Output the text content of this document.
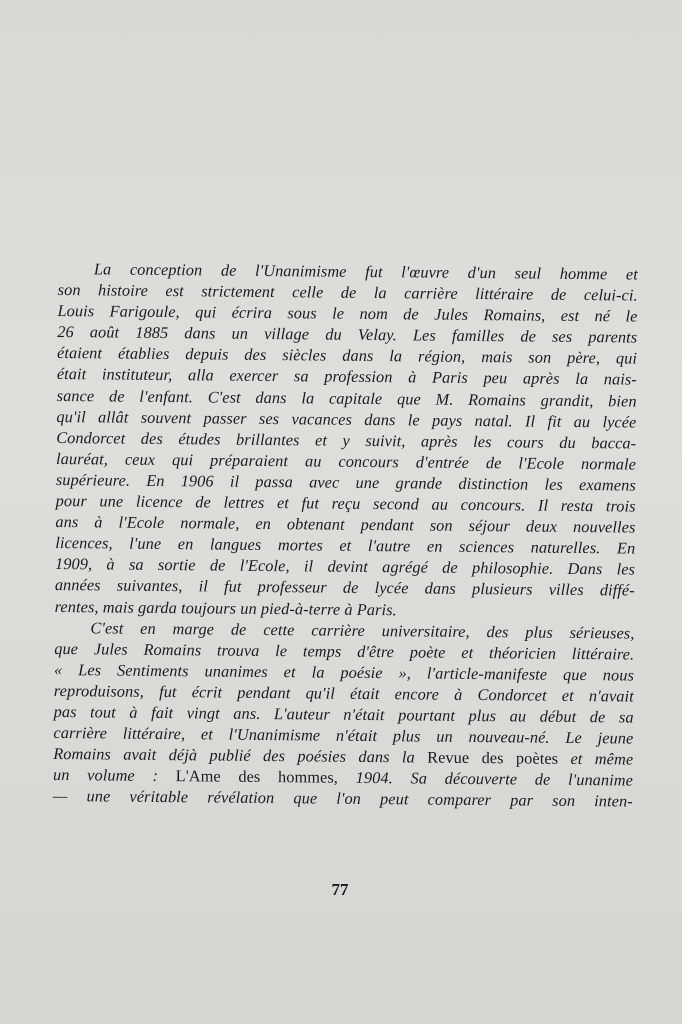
La conception de l'Unanimisme fut l'œuvre d'un seul homme et
son histoire est strictement celle de la carrière littéraire de celui-ci.
Louis Farigoule, qui écrira sous le nom de Jules Romains, est né le
26 août 1885 dans un village du Velay. Les familles de ses parents
étaient établies depuis des siècles dans la région, mais son père, qui
était instituteur, alla exercer sa profession à Paris peu après la nais-
sance de l'enfant. C'est dans la capitale que M. Romains grandit, bien
qu'il allât souvent passer ses vacances dans le pays natal. Il fit au lycée
Condorcet des études brillantes et y suivit, après les cours du bacca-
lauréat, ceux qui préparaient au concours d'entrée de l'Ecole normale
supérieure. En 1906 il passa avec une grande distinction les examens
pour une licence de lettres et fut reçu second au concours. Il resta trois
ans à l'Ecole normale, en obtenant pendant son séjour deux nouvelles
licences, l'une en langues mortes et l'autre en sciences naturelles. En
1909, à sa sortie de l'Ecole, il devint agrégé de philosophie. Dans les
années suivantes, il fut professeur de lycée dans plusieurs villes diffé-
rentes, mais garda toujours un pied-à-terre à Paris.

C'est en marge de cette carrière universitaire, des plus sérieuses,
que Jules Romains trouva le temps d'être poète et théoricien littéraire.
« Les Sentiments unanimes et la poésie », l'article-manifeste que nous
reproduisons, fut écrit pendant qu'il était encore à Condorcet et n'avait
pas tout à fait vingt ans. L'auteur n'était pourtant plus au début de sa
carrière littéraire, et l'Unanimisme n'était plus un nouveau-né. Le jeune
Romains avait déjà publié des poésies dans la Revue des poètes et même
un volume : L'Ame des hommes, 1904. Sa découverte de l'unanime
— une véritable révélation que l'on peut comparer par son inten-

77
